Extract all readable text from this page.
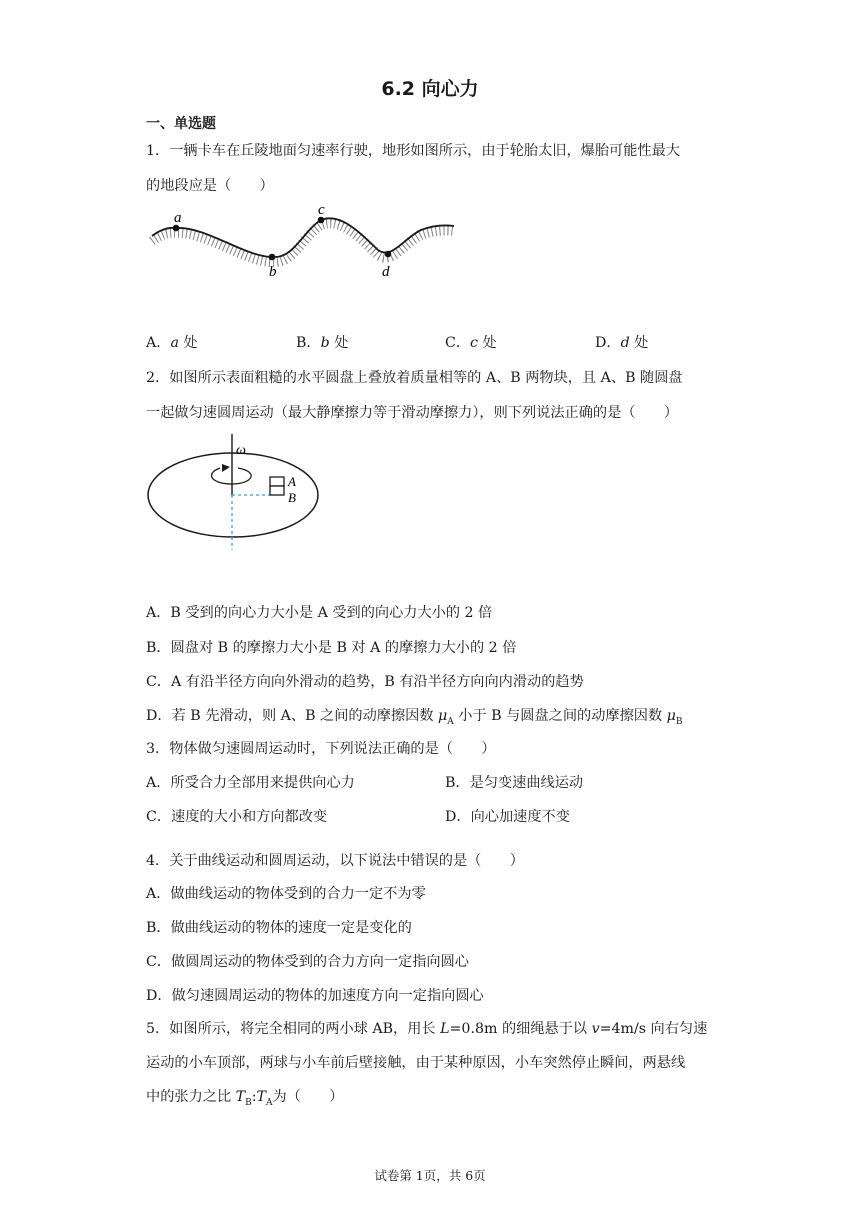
6.2 向心力
一、单选题
1．一辆卡车在丘陵地面匀速率行驶，地形如图所示，由于轮胎太旧，爆胎可能性最大
的地段应是（　　）
a
b
c
d
A．a 处	B．b 处	C．c 处	D．d 处
2．如图所示表面粗糙的水平圆盘上叠放着质量相等的 A、B 两物块，且 A、B 随圆盘
一起做匀速圆周运动（最大静摩擦力等于滑动摩擦力），则下列说法正确的是（　　）
ω
A
B
A．B 受到的向心力大小是 A 受到的向心力大小的 2 倍
B．圆盘对 B 的摩擦力大小是 B 对 A 的摩擦力大小的 2 倍
C．A 有沿半径方向向外滑动的趋势，B 有沿半径方向向内滑动的趋势
D．若 B 先滑动，则 A、B 之间的动摩擦因数 $\mu_A$ 小于 B 与圆盘之间的动摩擦因数 $\mu_B$
3．物体做匀速圆周运动时，下列说法正确的是（　　）
A．所受合力全部用来提供向心力	B．是匀变速曲线运动
C．速度的大小和方向都改变	D．向心加速度不变
4．关于曲线运动和圆周运动，以下说法中错误的是（　　）
A．做曲线运动的物体受到的合力一定不为零
B．做曲线运动的物体的速度一定是变化的
C．做圆周运动的物体受到的合力方向一定指向圆心
D．做匀速圆周运动的物体的加速度方向一定指向圆心
5．如图所示，将完全相同的两小球 AB，用长 L=0.8m 的细绳悬于以 v=4m/s 向右匀速
运动的小车顶部，两球与小车前后壁接触，由于某种原因，小车突然停止瞬间，两悬线
中的张力之比 $T_B:T_A$为（　　）
试卷第 1页，共 6页
